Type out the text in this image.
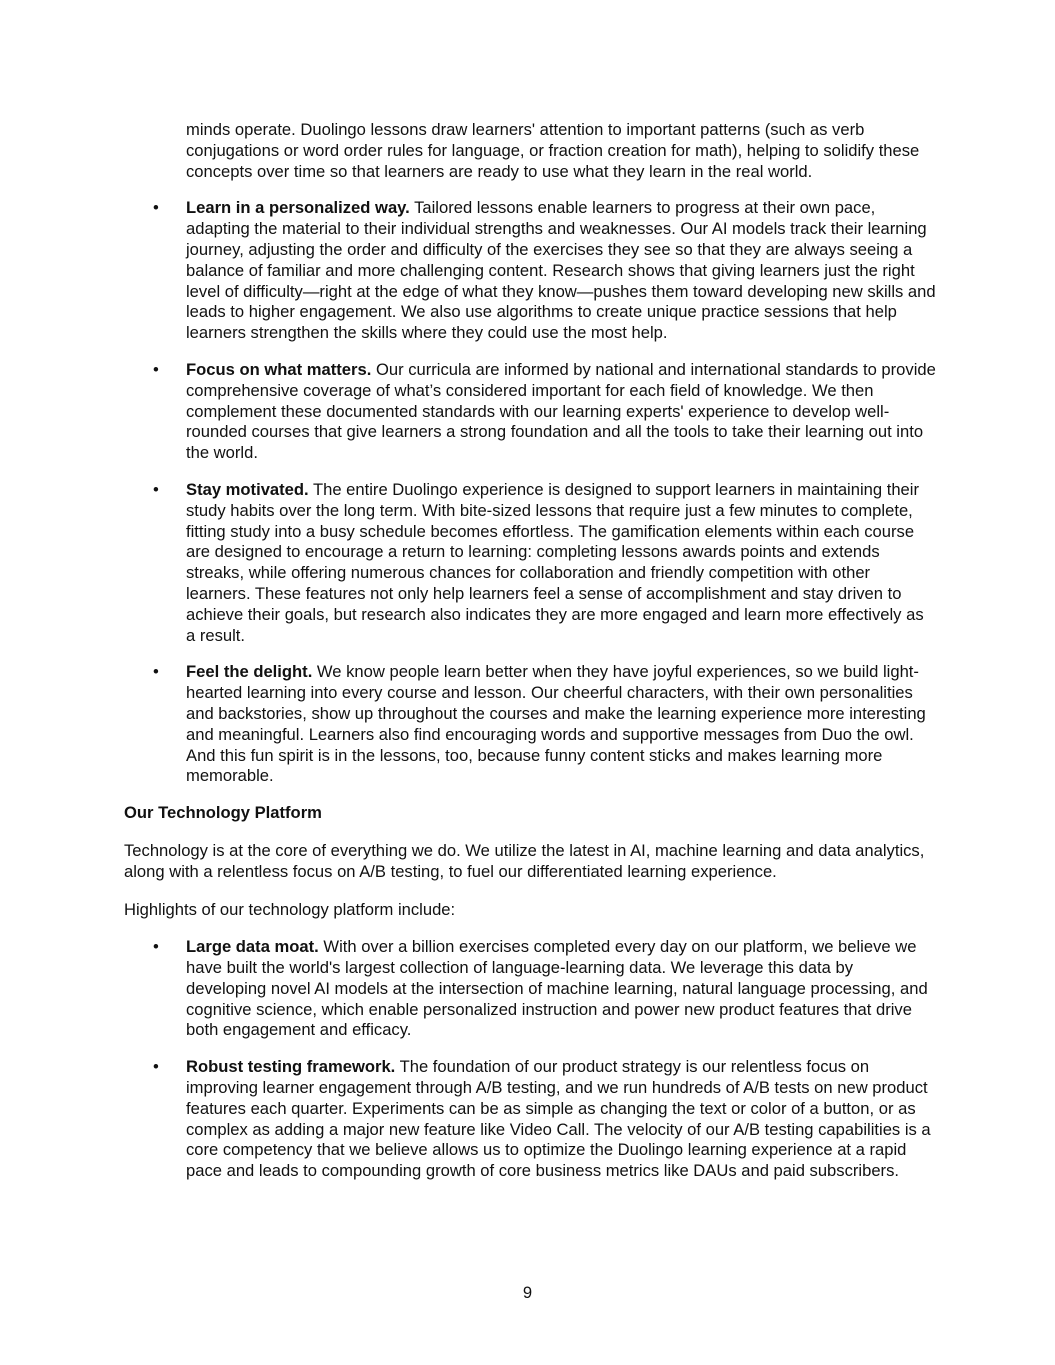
minds operate. Duolingo lessons draw learners' attention to important patterns (such as verb conjugations or word order rules for language, or fraction creation for math), helping to solidify these concepts over time so that learners are ready to use what they learn in the real world.

• Learn in a personalized way. Tailored lessons enable learners to progress at their own pace, adapting the material to their individual strengths and weaknesses. Our AI models track their learning journey, adjusting the order and difficulty of the exercises they see so that they are always seeing a balance of familiar and more challenging content. Research shows that giving learners just the right level of difficulty—right at the edge of what they know—pushes them toward developing new skills and leads to higher engagement. We also use algorithms to create unique practice sessions that help learners strengthen the skills where they could use the most help.
• Focus on what matters. Our curricula are informed by national and international standards to provide comprehensive coverage of what’s considered important for each field of knowledge. We then complement these documented standards with our learning experts' experience to develop well-rounded courses that give learners a strong foundation and all the tools to take their learning out into the world.
• Stay motivated. The entire Duolingo experience is designed to support learners in maintaining their study habits over the long term. With bite-sized lessons that require just a few minutes to complete, fitting study into a busy schedule becomes effortless. The gamification elements within each course are designed to encourage a return to learning: completing lessons awards points and extends streaks, while offering numerous chances for collaboration and friendly competition with other learners. These features not only help learners feel a sense of accomplishment and stay driven to achieve their goals, but research also indicates they are more engaged and learn more effectively as a result.
• Feel the delight. We know people learn better when they have joyful experiences, so we build light-hearted learning into every course and lesson. Our cheerful characters, with their own personalities and backstories, show up throughout the courses and make the learning experience more interesting and meaningful. Learners also find encouraging words and supportive messages from Duo the owl. And this fun spirit is in the lessons, too, because funny content sticks and makes learning more memorable.

Our Technology Platform

Technology is at the core of everything we do. We utilize the latest in AI, machine learning and data analytics, along with a relentless focus on A/B testing, to fuel our differentiated learning experience.

Highlights of our technology platform include:

• Large data moat. With over a billion exercises completed every day on our platform, we believe we have built the world's largest collection of language-learning data. We leverage this data by developing novel AI models at the intersection of machine learning, natural language processing, and cognitive science, which enable personalized instruction and power new product features that drive both engagement and efficacy.
• Robust testing framework. The foundation of our product strategy is our relentless focus on improving learner engagement through A/B testing, and we run hundreds of A/B tests on new product features each quarter. Experiments can be as simple as changing the text or color of a button, or as complex as adding a major new feature like Video Call. The velocity of our A/B testing capabilities is a core competency that we believe allows us to optimize the Duolingo learning experience at a rapid pace and leads to compounding growth of core business metrics like DAUs and paid subscribers.
9
